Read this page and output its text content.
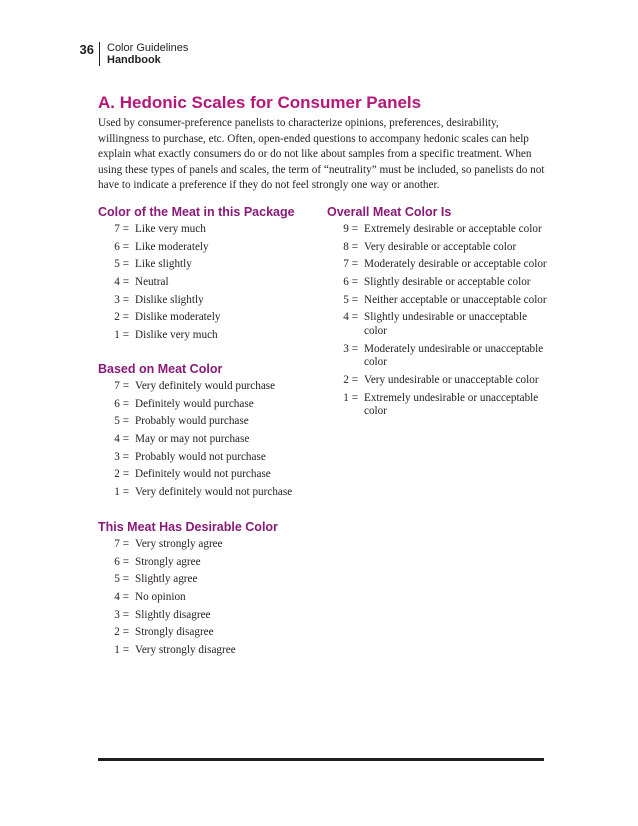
36 Color Guidelines
Handbook
A. Hedonic Scales for Consumer Panels

Used by consumer-preference panelists to characterize opinions, preferences, desirability, willingness to purchase, etc. Often, open-ended questions to accompany hedonic scales can help explain what exactly consumers do or do not like about samples from a specific treatment. When using these types of panels and scales, the term of “neutrality” must be included, so panelists do not have to indicate a preference if they do not feel strongly one way or another.

Color of the Meat in this Package
7 = Like very much
6 = Like moderately
5 = Like slightly
4 = Neutral
3 = Dislike slightly
2 = Dislike moderately
1 = Dislike very much
Based on Meat Color
7 = Very definitely would purchase
6 = Definitely would purchase
5 = Probably would purchase
4 = May or may not purchase
3 = Probably would not purchase
2 = Definitely would not purchase
1 = Very definitely would not purchase
This Meat Has Desirable Color
7 = Very strongly agree
6 = Strongly agree
5 = Slightly agree
4 = No opinion
3 = Slightly disagree
2 = Strongly disagree
1 = Very strongly disagree
Overall Meat Color Is
9 = Extremely desirable or acceptable color
8 = Very desirable or acceptable color
7 = Moderately desirable or acceptable color
6 = Slightly desirable or acceptable color
5 = Neither acceptable or unacceptable color
4 = Slightly undesirable or unacceptable color
3 = Moderately undesirable or unacceptable color
2 = Very undesirable or unacceptable color
1 = Extremely undesirable or unacceptable color
